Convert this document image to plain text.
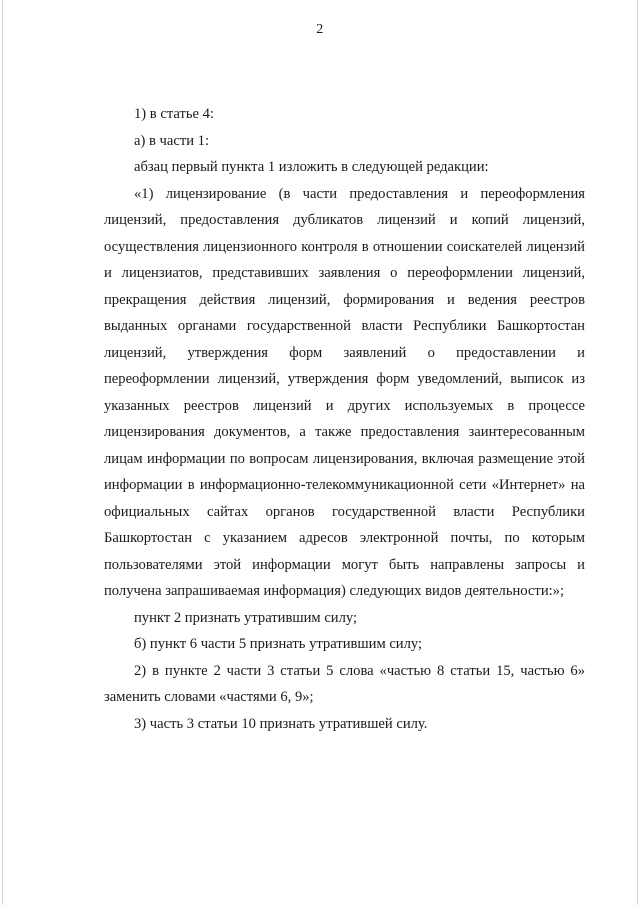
2

1) в статье 4:

а) в части 1:

абзац первый пункта 1 изложить в следующей редакции:

«1) лицензирование (в части предоставления и переоформления лицензий, предоставления дубликатов лицензий и копий лицензий, осуществления лицензионного контроля в отношении соискателей лицензий и лицензиатов, представивших заявления о переоформлении лицензий, прекращения действия лицензий, формирования и ведения реестров выданных органами государственной власти Республики Башкортостан лицензий, утверждения форм заявлений о предоставлении и переоформлении лицензий, утверждения форм уведомлений, выписок из указанных реестров лицензий и других используемых в процессе лицензирования документов, а также предоставления заинтересованным лицам информации по вопросам лицензирования, включая размещение этой информации в информационно-телекоммуникационной сети «Интернет» на официальных сайтах органов государственной власти Республики Башкортостан с указанием адресов электронной почты, по которым пользователями этой информации могут быть направлены запросы и получена запрашиваемая информация) следующих видов деятельности:»;

пункт 2 признать утратившим силу;

б) пункт 6 части 5 признать утратившим силу;

2) в пункте 2 части 3 статьи 5 слова «частью 8 статьи 15, частью 6» заменить словами «частями 6, 9»;

3) часть 3 статьи 10 признать утратившей силу.
